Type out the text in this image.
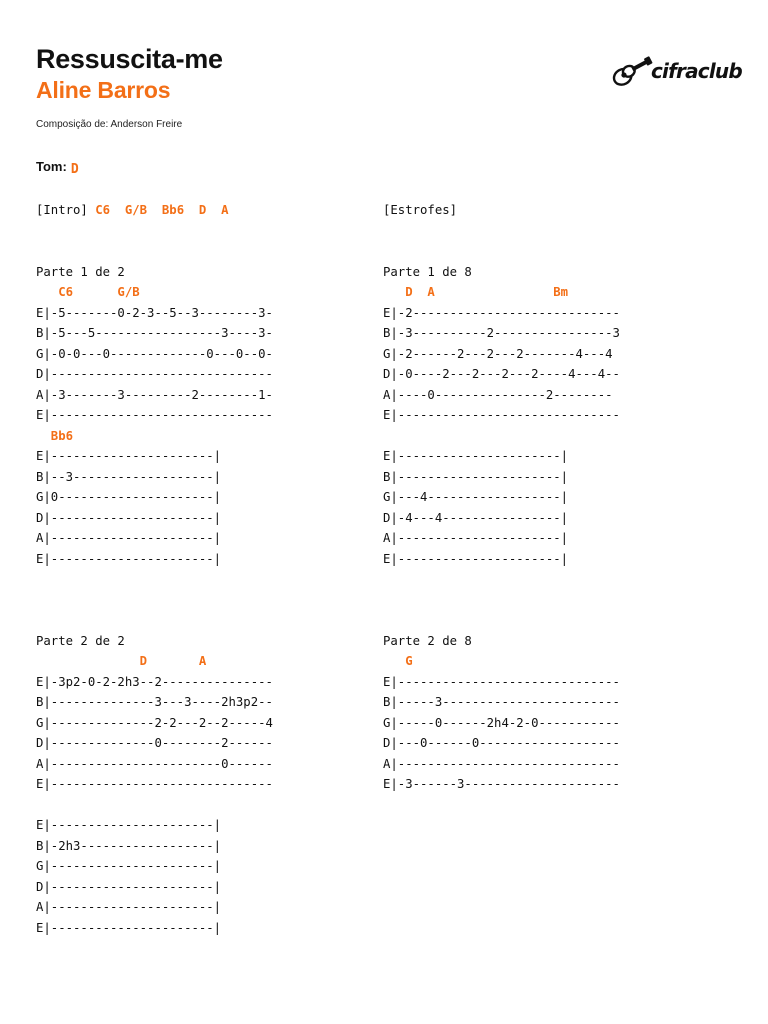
Ressuscita-me
Aline Barros
Composição de: Anderson Freire
cifraclub
Tom: D
[Intro] C6 G/B Bb6 D A
Parte 1 de 2
C6      G/B
E|-5-------0-2-3--5--3--------3-
B|-5---5-----------------3----3-
G|-0-0---0-------------0---0--0-
D|------------------------------
A|-3-------3---------2--------1-
E|------------------------------
Bb6
E|----------------------|
B|--3-------------------|
G|0---------------------|
D|----------------------|
A|----------------------|
E|----------------------|
Parte 2 de 2
D       A
E|-3p2-0-2-2h3--2---------------
B|--------------3---3----2h3p2--
G|--------------2-2---2--2-----4
D|--------------0--------2------
A|-----------------------0------
E|------------------------------
E|----------------------|
B|-2h3------------------|
G|----------------------|
D|----------------------|
A|----------------------|
E|----------------------|
[Estrofes]
Parte 1 de 8
D  A                Bm
E|-2----------------------------
B|-3----------2----------------3
G|-2------2---2---2-------4---4
D|-0----2---2---2---2----4---4--
A|----0---------------2--------
E|------------------------------
E|----------------------|
B|----------------------|
G|---4------------------|
D|-4---4----------------|
A|----------------------|
E|----------------------|
Parte 2 de 8
G
E|------------------------------
B|-----3------------------------
G|-----0------2h4-2-0-----------
D|---0------0-------------------
A|------------------------------
E|-3------3---------------------
